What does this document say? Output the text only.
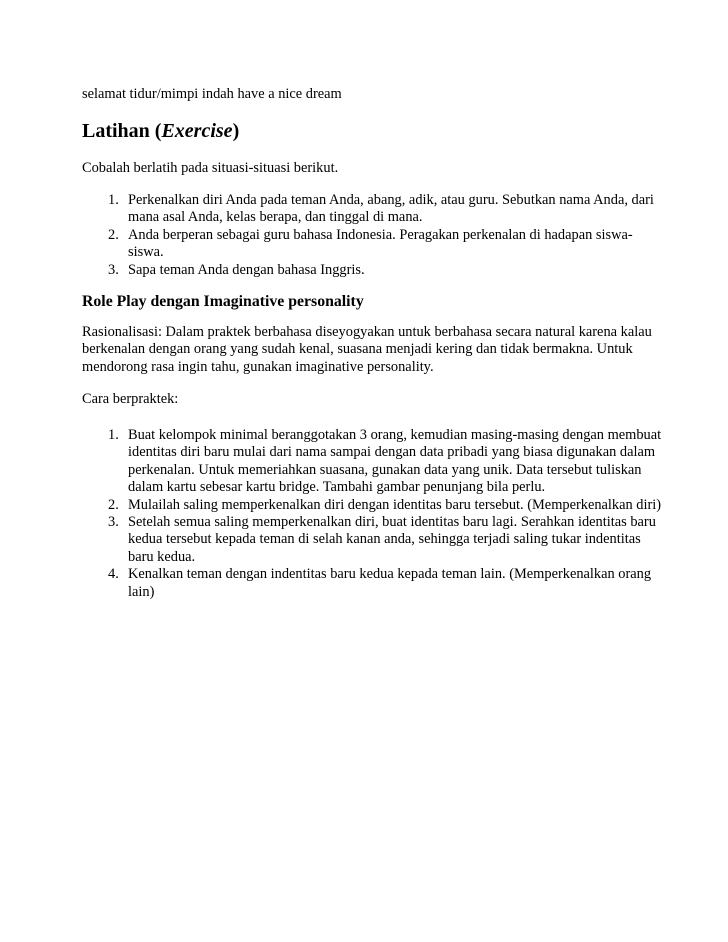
selamat tidur/mimpi indah have a nice dream
Latihan (Exercise)
Cobalah berlatih pada situasi-situasi berikut.
1. Perkenalkan diri Anda pada teman Anda, abang, adik, atau guru. Sebutkan nama Anda, dari mana asal Anda, kelas berapa, dan tinggal di mana.
2. Anda berperan sebagai guru bahasa Indonesia. Peragakan perkenalan di hadapan siswa-siswa.
3. Sapa teman Anda dengan bahasa Inggris.
Role Play dengan Imaginative personality
Rasionalisasi: Dalam praktek berbahasa diseyogyakan untuk berbahasa secara natural karena kalau berkenalan dengan orang yang sudah kenal, suasana menjadi kering dan tidak bermakna. Untuk mendorong rasa ingin tahu, gunakan imaginative personality.
Cara berpraktek:
1. Buat kelompok minimal beranggotakan 3 orang, kemudian masing-masing dengan membuat identitas diri baru mulai dari nama sampai dengan data pribadi yang biasa digunakan dalam perkenalan. Untuk memeriahkan suasana, gunakan data yang unik. Data tersebut tuliskan dalam kartu sebesar kartu bridge. Tambahi gambar penunjang bila perlu.
2. Mulailah saling memperkenalkan diri dengan identitas baru tersebut. (Memperkenalkan diri)
3. Setelah semua saling memperkenalkan diri, buat identitas baru lagi. Serahkan identitas baru kedua tersebut kepada teman di selah kanan anda, sehingga terjadi saling tukar indentitas baru kedua.
4. Kenalkan teman dengan indentitas baru kedua kepada teman lain. (Memperkenalkan orang lain)
